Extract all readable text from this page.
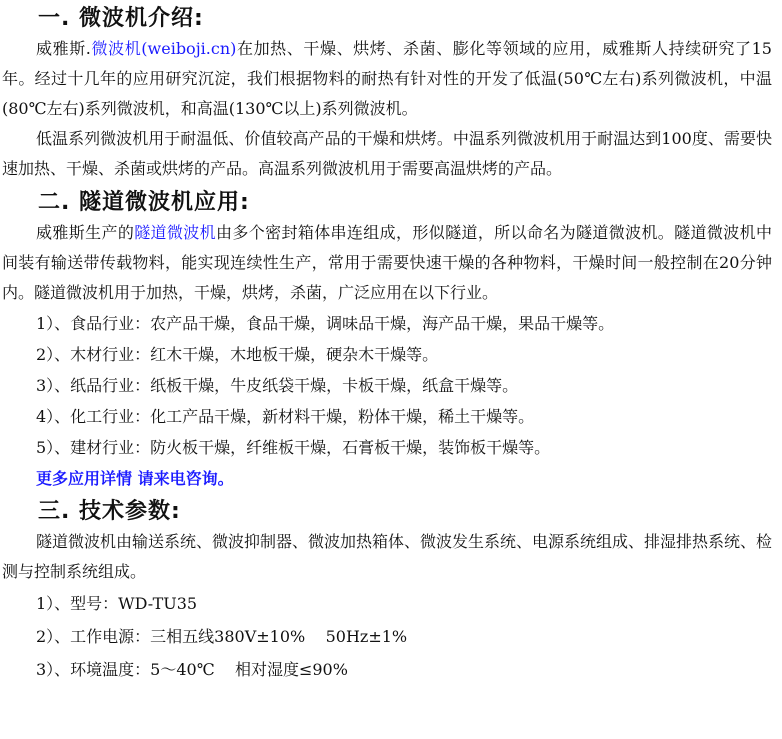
一. 微波机介绍:

威雅斯.微波机(weiboji.cn)在加热、干燥、烘烤、杀菌、膨化等领域的应用，威雅斯人持续研究了15年。经过十几年的应用研究沉淀，我们根据物料的耐热有针对性的开发了低温(50℃左右)系列微波机，中温(80℃左右)系列微波机，和高温(130℃以上)系列微波机。

低温系列微波机用于耐温低、价值较高产品的干燥和烘烤。中温系列微波机用于耐温达到100度、需要快速加热、干燥、杀菌或烘烤的产品。高温系列微波机用于需要高温烘烤的产品。

二. 隧道微波机应用:

威雅斯生产的隧道微波机由多个密封箱体串连组成，形似隧道，所以命名为隧道微波机。隧道微波机中间装有输送带传载物料，能实现连续性生产，常用于需要快速干燥的各种物料，干燥时间一般控制在20分钟内。隧道微波机用于加热，干燥，烘烤，杀菌，广泛应用在以下行业。

1）、食品行业：农产品干燥，食品干燥，调味品干燥，海产品干燥，果品干燥等。
2）、木材行业：红木干燥，木地板干燥，硬杂木干燥等。
3）、纸品行业：纸板干燥，牛皮纸袋干燥，卡板干燥，纸盒干燥等。
4）、化工行业：化工产品干燥，新材料干燥，粉体干燥，稀土干燥等。
5）、建材行业：防火板干燥，纤维板干燥，石膏板干燥，装饰板干燥等。
更多应用详情 请来电咨询。
三. 技术参数:

隧道微波机由输送系统、微波抑制器、微波加热箱体、微波发生系统、电源系统组成、排湿排热系统、检测与控制系统组成。

1）、型号：WD-TU35
2）、工作电源：三相五线380V±10%    50Hz±1%
3）、环境温度：5～40℃    相对湿度≤90%
